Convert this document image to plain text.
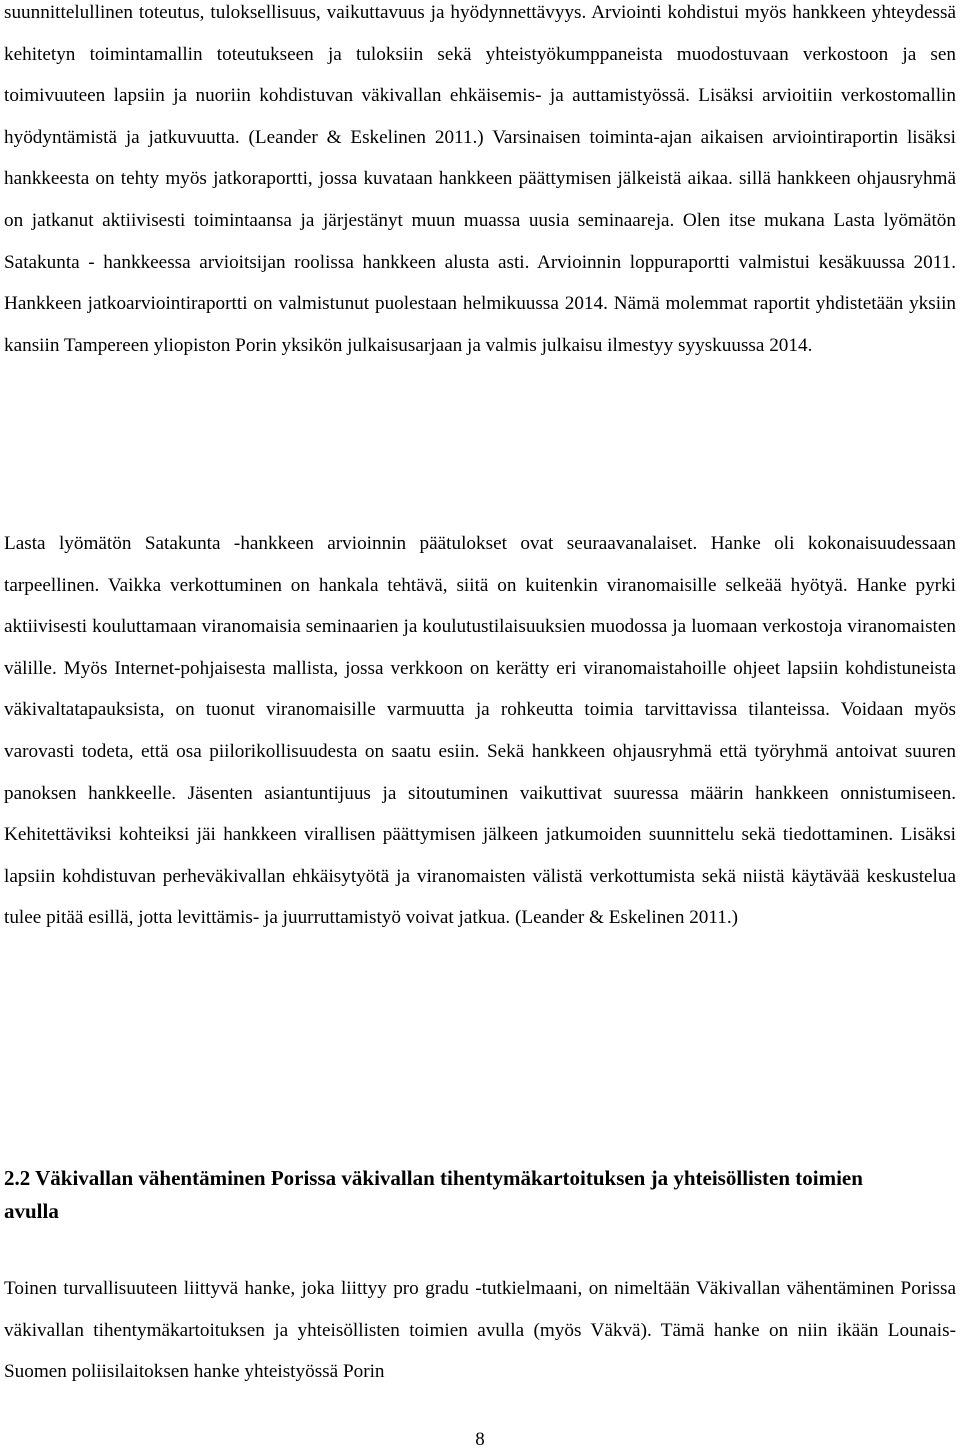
suunnittelullinen toteutus, tuloksellisuus, vaikuttavuus ja hyödynnettävyys. Arviointi kohdistui myös hankkeen yhteydessä kehitetyn toimintamallin toteutukseen ja tuloksiin sekä yhteistyökumppaneista muodostuvaan verkostoon ja sen toimivuuteen lapsiin ja nuoriin kohdistuvan väkivallan ehkäisemis- ja auttamistyössä. Lisäksi arvioitiin verkostomallin hyödyntämistä ja jatkuvuutta. (Leander & Eskelinen 2011.) Varsinaisen toiminta-ajan aikaisen arviointiraportin lisäksi hankkeesta on tehty myös jatkoraportti, jossa kuvataan hankkeen päättymisen jälkeistä aikaa. sillä hankkeen ohjausryhmä on jatkanut aktiivisesti toimintaansa ja järjestänyt muun muassa uusia seminaareja. Olen itse mukana Lasta lyömätön Satakunta - hankkeessa arvioitsijan roolissa hankkeen alusta asti. Arvioinnin loppuraportti valmistui kesäkuussa 2011. Hankkeen jatkoarviointiraportti on valmistunut puolestaan helmikuussa 2014. Nämä molemmat raportit yhdistetään yksiin kansiin Tampereen yliopiston Porin yksikön julkaisusarjaan ja valmis julkaisu ilmestyy syyskuussa 2014.

Lasta lyömätön Satakunta -hankkeen arvioinnin päätulokset ovat seuraavanalaiset. Hanke oli kokonaisuudessaan tarpeellinen. Vaikka verkottuminen on hankala tehtävä, siitä on kuitenkin viranomaisille selkeää hyötyä. Hanke pyrki aktiivisesti kouluttamaan viranomaisia seminaarien ja koulutustilaisuuksien muodossa ja luomaan verkostoja viranomaisten välille. Myös Internet-pohjaisesta mallista, jossa verkkoon on kerätty eri viranomaistahoille ohjeet lapsiin kohdistuneista väkivaltatapauksista, on tuonut viranomaisille varmuutta ja rohkeutta toimia tarvittavissa tilanteissa. Voidaan myös varovasti todeta, että osa piilorikollisuudesta on saatu esiin. Sekä hankkeen ohjausryhmä että työryhmä antoivat suuren panoksen hankkeelle. Jäsenten asiantuntijuus ja sitoutuminen vaikuttivat suuressa määrin hankkeen onnistumiseen. Kehitettäviksi kohteiksi jäi hankkeen virallisen päättymisen jälkeen jatkumoiden suunnittelu sekä tiedottaminen. Lisäksi lapsiin kohdistuvan perheväkivallan ehkäisytyötä ja viranomaisten välistä verkottumista sekä niistä käytävää keskustelua tulee pitää esillä, jotta levittämis- ja juurruttamistyö voivat jatkua. (Leander & Eskelinen 2011.)

2.2 Väkivallan vähentäminen Porissa väkivallan tihentymäkartoituksen ja yhteisöllisten toimien avulla

Toinen turvallisuuteen liittyvä hanke, joka liittyy pro gradu -tutkielmaani, on nimeltään Väkivallan vähentäminen Porissa väkivallan tihentymäkartoituksen ja yhteisöllisten toimien avulla (myös Väkvä). Tämä hanke on niin ikään Lounais-Suomen poliisilaitoksen hanke yhteistyössä Porin

8
